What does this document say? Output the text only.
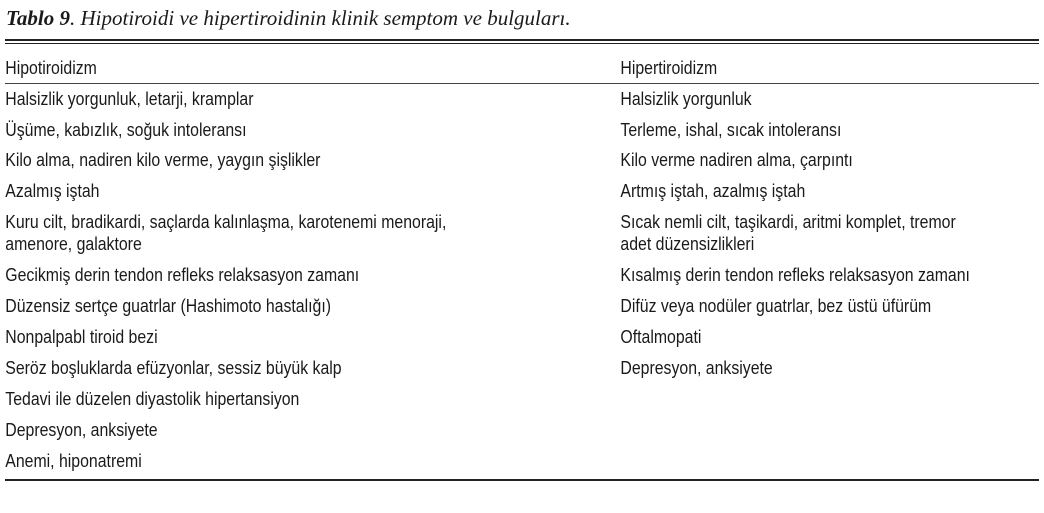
Tablo 9. Hipotiroidi ve hipertiroidinin klinik semptom ve bulguları.

Hipotiroidizm	Hipertiroidizm

Halsizlik yorgunluk, letarji, kramplar

Üşüme, kabızlık, soğuk intoleransı

Kilo alma, nadiren kilo verme, yaygın şişlikler

Azalmış iştah

Kuru cilt, bradikardi, saçlarda kalınlaşma, karotenemi menoraji,

amenore, galaktore

Gecikmiş derin tendon refleks relaksasyon zamanı

Düzensiz sertçe guatrlar (Hashimoto hastalığı)

Nonpalpabl tiroid bezi

Seröz boşluklarda efüzyonlar, sessiz büyük kalp

Tedavi ile düzelen diyastolik hipertansiyon

Depresyon, anksiyete

Anemi, hiponatremi

Halsizlik yorgunluk

Terleme, ishal, sıcak intoleransı

Kilo verme nadiren alma, çarpıntı

Artmış iştah, azalmış iştah

Sıcak nemli cilt, taşikardi, aritmi komplet, tremor

adet düzensizlikleri

Kısalmış derin tendon refleks relaksasyon zamanı

Difüz veya nodüler guatrlar, bez üstü üfürüm

Oftalmopati

Depresyon, anksiyete
